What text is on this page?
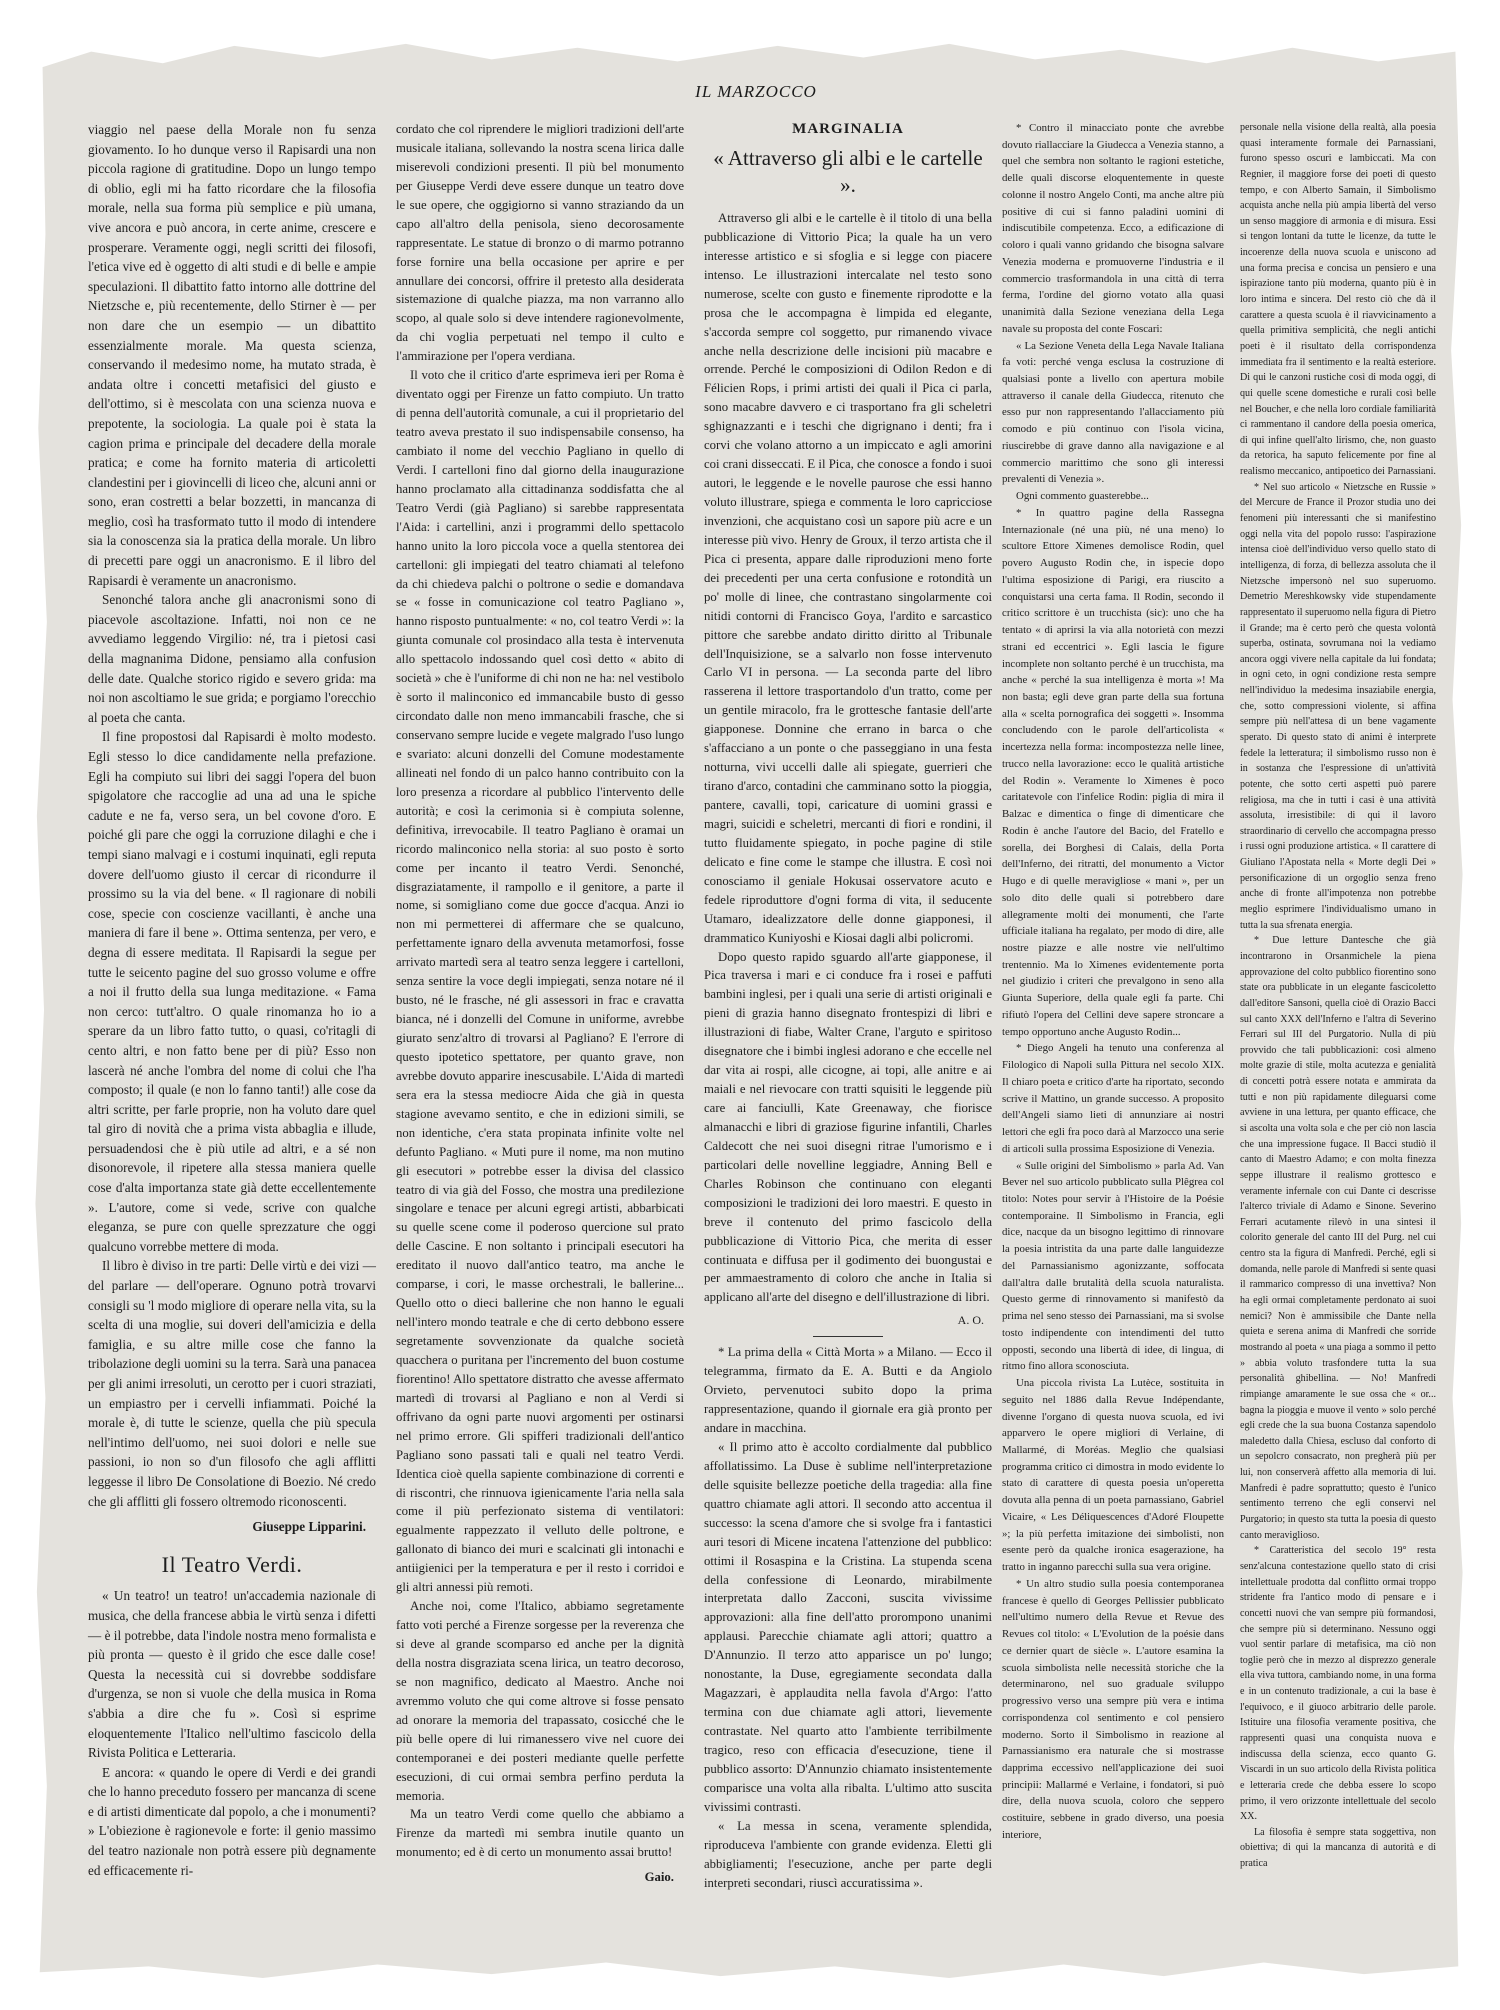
IL MARZOCCO

viaggio nel paese della Morale non fu senza giovamento. Io ho dunque verso il Rapisardi una non piccola ragione di gratitudine. Dopo un lungo tempo di oblio, egli mi ha fatto ricordare che la filosofia morale, nella sua forma più semplice e più umana, vive ancora e può ancora, in certe anime, crescere e prosperare. Veramente oggi, negli scritti dei filosofi, l'etica vive ed è oggetto di alti studi e di belle e ampie speculazioni. Il dibattito fatto intorno alle dottrine del Nietzsche e, più recentemente, dello Stirner è — per non dare che un esempio — un dibattito essenzialmente morale. Ma questa scienza, conservando il medesimo nome, ha mutato strada, è andata oltre i concetti metafisici del giusto e dell'ottimo, si è mescolata con una scienza nuova e prepotente, la sociologia. La quale poi è stata la cagion prima e principale del decadere della morale pratica; e come ha fornito materia di articoletti clandestini per i giovincelli di liceo che, alcuni anni or sono, eran costretti a belar bozzetti, in mancanza di meglio, così ha trasformato tutto il modo di intendere sia la conoscenza sia la pratica della morale. Un libro di precetti pare oggi un anacronismo. E il libro del Rapisardi è veramente un anacronismo.

Senonché talora anche gli anacronismi sono di piacevole ascoltazione. Infatti, noi non ce ne avvediamo leggendo Virgilio: né, tra i pietosi casi della magnanima Didone, pensiamo alla confusion delle date. Qualche storico rigido e severo grida: ma noi non ascoltiamo le sue grida; e porgiamo l'orecchio al poeta che canta.

Il fine propostosi dal Rapisardi è molto modesto. Egli stesso lo dice candidamente nella prefazione. Egli ha compiuto sui libri dei saggi l'opera del buon spigolatore che raccoglie ad una ad una le spiche cadute e ne fa, verso sera, un bel covone d'oro. E poiché gli pare che oggi la corruzione dilaghi e che i tempi siano malvagi e i costumi inquinati, egli reputa dovere dell'uomo giusto il cercar di ricondurre il prossimo su la via del bene. « Il ragionare di nobili cose, specie con coscienze vacillanti, è anche una maniera di fare il bene ». Ottima sentenza, per vero, e degna di essere meditata. Il Rapisardi la segue per tutte le seicento pagine del suo grosso volume e offre a noi il frutto della sua lunga meditazione. « Fama non cerco: tutt'altro. O quale rinomanza ho io a sperare da un libro fatto tutto, o quasi, co'ritagli di cento altri, e non fatto bene per di più? Esso non lascerà né anche l'ombra del nome di colui che l'ha composto; il quale (e non lo fanno tanti!) alle cose da altri scritte, per farle proprie, non ha voluto dare quel tal giro di novità che a prima vista abbaglia e illude, persuadendosi che è più utile ad altri, e a sé non disonorevole, il ripetere alla stessa maniera quelle cose d'alta importanza state già dette eccellentemente ». L'autore, come si vede, scrive con qualche eleganza, se pure con quelle sprezzature che oggi qualcuno vorrebbe mettere di moda.

Il libro è diviso in tre parti: Delle virtù e dei vizi — del parlare — dell'operare. Ognuno potrà trovarvi consigli su 'l modo migliore di operare nella vita, su la scelta di una moglie, sui doveri dell'amicizia e della famiglia, e su altre mille cose che fanno la tribolazione degli uomini su la terra. Sarà una panacea per gli animi irresoluti, un cerotto per i cuori straziati, un empiastro per i cervelli infiammati. Poiché la morale è, di tutte le scienze, quella che più specula nell'intimo dell'uomo, nei suoi dolori e nelle sue passioni, io non so d'un filosofo che agli afflitti leggesse il libro De Consolatione di Boezio. Né credo che gli afflitti gli fossero oltremodo riconoscenti.

Giuseppe Lipparini.
Il Teatro Verdi.

« Un teatro! un teatro! un'accademia nazionale di musica, che della francese abbia le virtù senza i difetti — è il potrebbe, data l'indole nostra meno formalista e più pronta — questo è il grido che esce dalle cose! Questa la necessità cui si dovrebbe soddisfare d'urgenza, se non si vuole che della musica in Roma s'abbia a dire che fu ». Così si esprime eloquentemente l'Italico nell'ultimo fascicolo della Rivista Politica e Letteraria.

E ancora: « quando le opere di Verdi e dei grandi che lo hanno preceduto fossero per mancanza di scene e di artisti dimenticate dal popolo, a che i monumenti? » L'obiezione è ragionevole e forte: il genio massimo del teatro nazionale non potrà essere più degnamente ed efficacemente ri-

cordato che col riprendere le migliori tradizioni dell'arte musicale italiana, sollevando la nostra scena lirica dalle miserevoli condizioni presenti. Il più bel monumento per Giuseppe Verdi deve essere dunque un teatro dove le sue opere, che oggigiorno si vanno straziando da un capo all'altro della penisola, sieno decorosamente rappresentate. Le statue di bronzo o di marmo potranno forse fornire una bella occasione per aprire e per annullare dei concorsi, offrire il pretesto alla desiderata sistemazione di qualche piazza, ma non varranno allo scopo, al quale solo si deve intendere ragionevolmente, da chi voglia perpetuati nel tempo il culto e l'ammirazione per l'opera verdiana.

Il voto che il critico d'arte esprimeva ieri per Roma è diventato oggi per Firenze un fatto compiuto. Un tratto di penna dell'autorità comunale, a cui il proprietario del teatro aveva prestato il suo indispensabile consenso, ha cambiato il nome del vecchio Pagliano in quello di Verdi. I cartelloni fino dal giorno della inaugurazione hanno proclamato alla cittadinanza soddisfatta che al Teatro Verdi (già Pagliano) si sarebbe rappresentata l'Aida: i cartellini, anzi i programmi dello spettacolo hanno unito la loro piccola voce a quella stentorea dei cartelloni: gli impiegati del teatro chiamati al telefono da chi chiedeva palchi o poltrone o sedie e domandava se « fosse in comunicazione col teatro Pagliano », hanno rispostо puntualmente: « no, col teatro Verdi »: la giunta comunale col prosindaco alla testa è intervenuta allo spettacolo indossando quel così detto « abito di società » che è l'uniforme di chi non ne ha: nel vestibolo è sorto il malinconico ed immancabile busto di gesso circondato dalle non meno immancabili frasche, che si conservano sempre lucide e vegete malgrado l'uso lungo e svariato: alcuni donzelli del Comune modestamente allineati nel fondo di un palco hanno contribuito con la loro presenza a ricordare al pubblico l'intervento delle autorità; e così la cerimonia si è compiuta solenne, definitiva, irrevocabile. Il teatro Pagliano è oramai un ricordo malinconico nella storia: al suo posto è sorto come per incanto il teatro Verdi. Senonché, disgraziatamente, il rampollo e il genitore, a parte il nome, si somigliano come due gocce d'acqua. Anzi io non mi permetterei di affermare che se qualcuno, perfettamente ignaro della avvenuta metamorfosi, fosse arrivato martedì sera al teatro senza leggere i cartelloni, senza sentire la voce degli impiegati, senza notare né il busto, né le frasche, né gli assessori in frac e cravatta bianca, né i donzelli del Comune in uniforme, avrebbe giurato senz'altro di trovarsi al Pagliano? E l'errore di questo ipotetico spettatore, per quanto grave, non avrebbe dovuto apparire inescusabile. L'Aida di martedì sera era la stessa mediocre Aida che già in questa stagione avevamo sentito, e che in edizioni simili, se non identiche, c'era stata propinata infinite volte nel defunto Pagliano. « Muti pure il nome, ma non mutino gli esecutori » potrebbe esser la divisa del classico teatro di via già del Fosso, che mostra una predilezione singolare e tenace per alcuni egregi artisti, abbarbicati su quelle scene come il poderoso quercione sul prato delle Cascine. E non soltanto i principali esecutori ha ereditato il nuovo dall'antico teatro, ma anche le comparse, i cori, le masse orchestrali, le ballerine... Quello otto o dieci ballerine che non hanno le eguali nell'intero mondo teatrale e che di certo debbono essere segretamente sovvenzionate da qualche società quacchera o puritana per l'incremento del buon costume fiorentino! Allo spettatore distratto che avesse affermato martedì di trovarsi al Pagliano e non al Verdi si offrivano da ogni parte nuovi argomenti per ostinarsi nel primo errore. Gli spifferi tradizionali dell'antico Pagliano sono passati tali e quali nel teatro Verdi. Identica cioè quella sapiente combinazione di correnti e di riscontri, che rinnuova igienicamente l'aria nella sala come il più perfezionato sistema di ventilatori: egualmente rappezzato il velluto delle poltrone, e gallonato di bianco dei muri e scalcinati gli intonachi e antiigienici per la temperatura e per il resto i corridoi e gli altri annessi più remoti.

Anche noi, come l'Italico, abbiamo segretamente fatto voti perché a Firenze sorgesse per la reverenza che si deve al grande scomparso ed anche per la dignità della nostra disgraziata scena lirica, un teatro decoroso, se non magnifico, dedicato al Maestro. Anche noi avremmo voluto che qui come altrove si fosse pensato ad onorare la memoria del trapassato, cosicché che le più belle opere di lui rimanessero vive nel cuore dei contemporanei e dei posteri mediante quelle perfette esecuzioni, di cui ormai sembra perfino perduta la memoria.

Ma un teatro Verdi come quello che abbiamo a Firenze da martedì mi sembra inutile quanto un monumento; ed è di certo un monumento assai brutto!

Gaio.
MARGINALIA
« Attraverso gli albi e le cartelle ».

Attraverso gli albi e le cartelle è il titolo di una bella pubblicazione di Vittorio Pica; la quale ha un vero interesse artistico e si sfoglia e si legge con piacere intenso. Le illustrazioni intercalate nel testo sono numerose, scelte con gusto e finemente riprodotte e la prosa che le accompagna è limpida ed elegante, s'accorda sempre col soggetto, pur rimanendo vivace anche nella descrizione delle incisioni più macabre e orrende. Perché le composizioni di Odilon Redon e di Félicien Rops, i primi artisti dei quali il Pica ci parla, sono macabre davvero e ci trasportano fra gli scheletri sghignazzanti e i teschi che digrignano i denti; fra i corvi che volano attorno a un impiccato e agli amorini coi crani disseccati. E il Pica, che conosce a fondo i suoi autori, le leggende e le novelle paurose che essi hanno voluto illustrare, spiega e commenta le loro capricciose invenzioni, che acquistano così un sapore più acre e un interesse più vivo. Henry de Groux, il terzo artista che il Pica ci presenta, appare dalle riproduzioni meno forte dei precedenti per una certa confusione e rotondità un po' molle di linee, che contrastano singolarmente coi nitidi contorni di Francisco Goya, l'ardito e sarcastico pittore che sarebbe andato diritto diritto al Tribunale dell'Inquisizione, se a salvarlo non fosse intervenuto Carlo VI in persona. — La seconda parte del libro rasserena il lettore trasportandolo d'un tratto, come per un gentile miracolo, fra le grottesche fantasie dell'arte giapponese. Donnine che erranо in barca o che s'affacciano a un ponte o che passeggiano in una festa notturna, vivi uccelli dalle ali spiegate, guerrieri che tirano d'arco, contadini che camminano sotto la pioggia, pantere, cavalli, topi, caricature di uomini grassi e magri, suicidi e scheletri, mercanti di fiori e rondini, il tutto fluidamente spiegato, in poche pagine di stile delicato e fine come le stampe che illustra. E così noi conosciamo il geniale Hokusai osservatore acuto e fedele riproduttore d'ogni forma di vita, il seducente Utamaro, idealizzatore delle donne giapponesi, il drammatico Kuniyoshi e Kiosai dagli albi policromi.

Dopo questo rapido sguardo all'arte giapponese, il Pica traversa i mari e ci conduce fra i rosei e paffuti bambini inglesi, per i quali una serie di artisti originali e pieni di grazia hanno disegnato frontespizi di libri e illustrazioni di fiabe, Walter Crane, l'arguto e spiritoso disegnatore che i bimbi inglesi adorano e che eccelle nel dar vita ai rospi, alle cicogne, ai topi, alle anitre e ai maiali e nel rievocare con tratti squisiti le leggende più care ai fanciulli, Kate Greenaway, che fiorisce almanacchi e libri di graziose figurine infantili, Charles Caldecott che nei suoi disegni ritrae l'umorismo e i particolari delle novelline leggiadre, Anning Bell e Charles Robinson che continuano con eleganti composizioni le tradizioni dei loro maestri. E questo in breve il contenuto del primo fascicolo della pubblicazione di Vittorio Pica, che merita di esser continuata e diffusa per il godimento dei buongustai e per ammaestramento di coloro che anche in Italia si applicano all'arte del disegno e dell'illustrazione di libri.

A. O.

* La prima della « Città Morta » a Milano. — Ecco il telegramma, firmato da E. A. Butti e da Angiolo Orvieto, pervenutoci subito dopo la prima rappresentazione, quando il giornale era già pronto per andare in macchina.

« Il primo atto è accolto cordialmente dal pubblico affollatissimo. La Duse è sublime nell'interpretazione delle squisite bellezze poetiche della tragedia: alla fine quattro chiamate agli attori. Il secondo atto accentua il successo: la scena d'amore che si svolge fra i fantastici auri tesori di Micene incatena l'attenzione del pubblico: ottimi il Rosaspina e la Cristina. La stupenda scena della confessione di Leonardo, mirabilmente interpretata dallo Zacconi, suscita vivissime approvazioni: alla fine dell'atto prorompono unanimi applausi. Parecchie chiamate agli attori; quattro a D'Annunzio. Il terzo atto apparisce un po' lungo; nonostante, la Duse, egregiamente secondata dalla Magazzari, è applaudita nella favola d'Argo: l'atto termina con due chiamate agli attori, lievemente contrastate. Nel quarto atto l'ambiente terribilmente tragico, reso con efficacia d'esecuzione, tiene il pubblico assorto: D'Annunzio chiamato insistentemente comparisce una volta alla ribalta. L'ultimo atto suscita vivissimi contrasti.

« La messa in scena, veramente splendida, riproduceva l'ambiente con grande evidenza. Eletti gli abbigliamenti; l'esecuzione, anche per parte degli interpreti secondari, riuscì accuratissima ».

* Contro il minacciato ponte che avrebbe dovuto riallacciare la Giudecca a Venezia stanno, a quel che sembra non soltanto le ragioni estetiche, delle quali discorse eloquentemente in queste colonne il nostro Angelo Conti, ma anche altre più positive di cui si fanno paladini uomini di indiscutibile competenza. Ecco, a edificazione di coloro i quali vanno gridando che bisogna salvare Venezia moderna e promuoverne l'industria e il commercio trasformandola in una città di terra ferma, l'ordine del giorno votato alla quasi unanimità dalla Sezione veneziana della Lega navale su proposta del conte Foscari:

« La Sezione Veneta della Lega Navale Italiana fa voti: perché venga esclusa la costruzione di qualsiasi ponte a livello con apertura mobile attraverso il canale della Giudecca, ritenuto che esso pur non rappresentando l'allacciamento più comodo e più continuo con l'isola vicina, riuscirebbe di grave danno alla navigazione e al commercio marittimo che sono gli interessi prevalenti di Venezia ».

Ogni commento guasterebbe...

* In quattro pagine della Rassegna Internazionale (né una più, né una meno) lo scultore Ettore Ximenes demolisce Rodin, quel povero Augusto Rodin che, in ispecie dopo l'ultima esposizione di Parigi, era riuscito a conquistarsi una certa fama. Il Rodin, secondo il critico scrittore è un trucchista (sic): uno che ha tentato « di aprirsi la via alla notorietà con mezzi strani ed eccentrici ». Egli lascia le figure incomplete non soltanto perché è un trucchista, ma anche « perché la sua intelligenza è morta »! Ma non basta; egli deve gran parte della sua fortuna alla « scelta pornografica dei soggetti ». Insomma concludendo con le parole dell'articolista « incertezza nella forma: incompostezza nelle linee, trucco nella lavorazione: ecco le qualità artistiche del Rodin ». Veramente lo Ximenes è poco caritatevole con l'infelice Rodin: piglia di mira il Balzac e dimentica o finge di dimenticare che Rodin è anche l'autore del Bacio, del Fratello e sorella, dei Borghesi di Calais, della Porta dell'Inferno, dei ritratti, del monumento a Victor Hugo e di quelle meravigliose « mani », per un solo dito delle quali si potrebbero dare allegramente molti dei monumenti, che l'arte ufficiale italiana ha regalato, per modo di dire, alle nostre piazze e alle nostre vie nell'ultimo trentennio. Ma lo Ximenes evidentemente porta nel giudizio i criteri che prevalgono in seno alla Giunta Superiore, della quale egli fa parte. Chi rifiutò l'opera del Cellini deve sapere stroncare a tempo opportuno anche Augusto Rodin...

* Diego Angeli ha tenuto una conferenza al Filologico di Napoli sulla Pittura nel secolo XIX. Il chiaro poeta e critico d'arte ha riportato, secondo scrive il Mattino, un grande successo. A proposito dell'Angeli siamo lieti di annunziare ai nostri lettori che egli fra poco darà al Marzocco una serie di articoli sulla prossima Esposizione di Venezia.

« Sulle origini del Simbolismo » parla Ad. Van Bever nel suo articolo pubblicato sulla Plêgrea col titolo: Notes pour servir à l'Histoire de la Poésie contemporaine. Il Simbolismo in Francia, egli dice, nacque da un bisogno legittimo di rinnovare la poesia intristita da una parte dalle languidezze del Parnassianismo agonizzante, soffocata dall'altra dalle brutalità della scuola naturalista. Questo germe di rinnovamento si manifestò da prima nel seno stesso dei Parnassiani, ma si svolse tosto indipendente con intendimenti del tutto opposti, secondo una libertà di idee, di lingua, di ritmo fino allora sconosciuta.

Una piccola rivista La Lutèce, sostituita in seguito nel 1886 dalla Revue Indépendante, divenne l'organo di questa nuova scuola, ed ivi apparvero le opere migliori di Verlaine, di Mallarmé, di Moréas. Meglio che qualsiasi programma critico ci dimostra in modo evidente lo stato di carattere di questa poesia un'operetta dovuta alla penna di un poeta parnassiano, Gabriel Vicaire, « Les Déliquescences d'Adoré Floupette »; la più perfetta imitazione dei simbolisti, non esente però da qualche ironica esagerazione, ha tratto in inganno parecchi sulla sua vera origine.

* Un altro studio sulla poesia contemporanea francese è quello di Georges Pellissier pubblicato nell'ultimo numero della Revue et Revue des Revues col titolo: « L'Evolution de la poésie dans ce dernier quart de siècle ». L'autore esamina la scuola simbolista nelle necessità storiche che la determinarono, nel suo graduale sviluppo progressivo verso una sempre più vera e intima corrispondenza col sentimento e col pensiero moderno. Sorto il Simbolismo in reazione al Parnassianismo era naturale che si mostrasse dapprima eccessivo nell'applicazione dei suoi principii: Mallarmé e Verlaine, i fondatori, si può dire, della nuova scuola, coloro che seppero costituire, sebbene in grado diverso, una poesia interiore,

personale nella visione della realtà, alla poesia quasi interamente formale dei Parnassiani, furono spesso oscuri e lambiccati. Ma con Regnier, il maggiore forse dei poeti di questo tempo, e con Alberto Samain, il Simbolismo acquista anche nella più ampia libertà del verso un senso maggiore di armonia e di misura. Essi si tengon lontani da tutte le licenze, da tutte le incoerenze della nuova scuola e uniscono ad una forma precisa e concisa un pensiero e una ispirazione tanto più moderna, quanto più è in loro intima e sincera. Del resto ciò che dà il carattere a questa scuola è il riavvicinamento a quella primitiva semplicità, che negli antichi poeti è il risultato della corrispondenza immediata fra il sentimento e la realtà esteriore. Di qui le canzoni rustiche così di moda oggi, di qui quelle scene domestiche e rurali così belle nel Boucher, e che nella loro cordiale familiarità ci rammentano il candore della poesia omerica, di qui infine quell'alto lirismo, che, non guasto da retorica, ha saputo felicemente por fine al realismo meccanico, antipoetico dei Parnassiani.

* Nel suo articolo « Nietzsche en Russie » del Mercure de France il Prozor studia uno dei fenomeni più interessanti che si manifestino oggi nella vita del popolo russo: l'aspirazione intensa cioè dell'individuo verso quello stato di intelligenza, di forza, di bellezza assoluta che il Nietzsche impersonò nel suo superuomo. Demetrio Mereshkowsky vide stupendamente rappresentato il superuomo nella figura di Pietro il Grande; ma è certo però che questa volontà superba, ostinata, sovrumana noi la vediamo ancora oggi vivere nella capitale da lui fondata; in ogni ceto, in ogni condizione resta sempre nell'individuo la medesima insaziabile energia, che, sotto compressioni violente, si affina sempre più nell'attesa di un bene vagamente sperato. Di questo stato di animi è interprete fedele la letteratura; il simbolismo russo non è in sostanza che l'espressione di un'attività potente, che sotto certi aspetti può parere religiosa, ma che in tutti i casi è una attività assoluta, irresistibile: di qui il lavoro straordinario di cervello che accompagna presso i russi ogni produzione artistica. « Il carattere di Giuliano l'Apostata nella « Morte degli Dei » personificazione di un orgoglio senza freno anche di fronte all'impotenza non potrebbe meglio esprimere l'individualismo umano in tutta la sua sfrenata energia.

* Due letture Dantesche che già incontrarono in Orsanmichele la piena approvazione del colto pubblico fiorentino sono state ora pubblicate in un elegante fascicoletto dall'editore Sansoni, quella cioè di Orazio Bacci sul canto XXX dell'Inferno e l'altra di Severino Ferrari sul III del Purgatorio. Nulla di più provvido che tali pubblicazioni: così almeno molte grazie di stile, molta acutezza e genialità di concetti potrà essere notata e ammirata da tutti e non più rapidamente dileguarsi come avviene in una lettura, per quanto efficace, che si ascolta una volta sola e che per ciò non lascia che una impressione fugace. Il Bacci studiò il canto di Maestro Adamo; e con molta finezza seppe illustrare il realismo grottesco e veramente infernale con cui Dante ci descrisse l'alterco triviale di Adamo e Sinone. Severino Ferrari acutamente rilevò in una sintesi il colorito generale del canto III del Purg. nel cui centro sta la figura di Manfredi. Perché, egli si domanda, nelle parole di Manfredi si sente quasi il rammarico compresso di una invettiva? Non ha egli ormai completamente perdonato ai suoi nemici? Non è ammissibile che Dante nella quieta e serena anima di Manfredi che sorride mostrando al poeta « una piaga a sommo il petto » abbia voluto trasfondere tutta la sua personalità ghibellina. — No! Manfredi rimpiange amaramente le sue ossa che « or... bagna la pioggia e muove il vento » solo perché egli crede che la sua buona Costanza sapendolo maledetto dalla Chiesa, escluso dal conforto di un sepolcro consacrato, non pregherà più per lui, non conserverà affetto alla memoria di lui. Manfredi è padre soprattutto; questo è l'unico sentimento terreno che egli conservi nel Purgatorio; in questo sta tutta la poesia di questo canto meraviglioso.

* Caratteristica del secolo 19° resta senz'alcuna contestazione quello stato di crisi intellettuale prodotta dal conflitto ormai troppo stridente fra l'antico modo di pensare e i concetti nuovi che van sempre più formandosi, che sempre più si determinano. Nessuno oggi vuol sentir parlare di metafisica, ma ciò non toglie però che in mezzo al disprezzo generale ella viva tuttora, cambiando nome, in una forma e in un contenuto tradizionale, a cui la base è l'equivoco, e il giuoco arbitrario delle parole. Istituire una filosofia veramente positiva, che rappresenti quasi una conquista nuova e indiscussa della scienza, ecco quanto G. Viscardi in un suo articolo della Rivista politica e letteraria crede che debba essere lo scopo primo, il vero orizzonte intellettuale del secolo XX.

La filosofia è sempre stata soggettiva, non obiettiva; di qui la mancanza di autorità e di pratica
